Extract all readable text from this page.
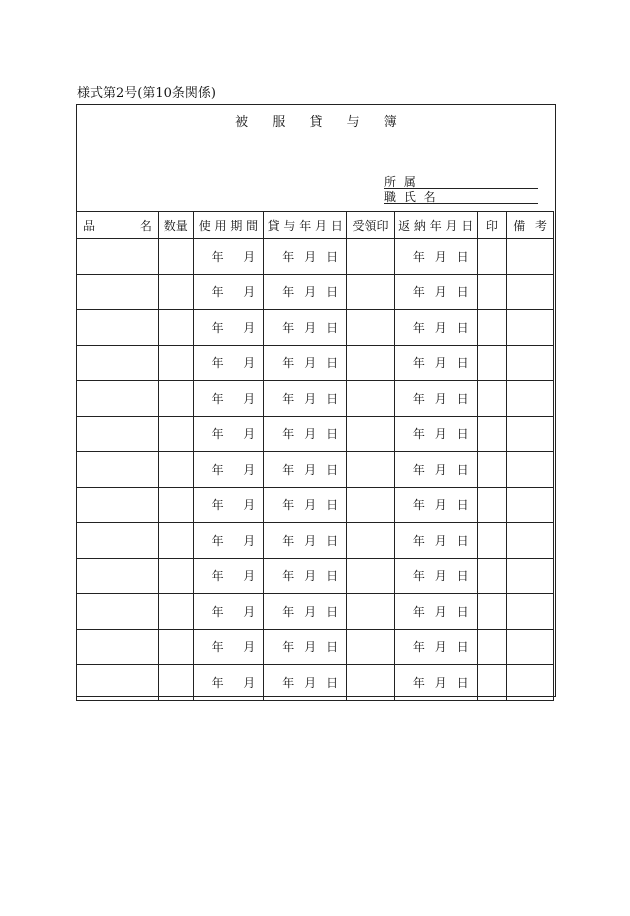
様式第2号(第10条関係)
被 服 貸 与 簿
所 属
職 氏 名
品 名	数量	使 用 期 間	貸 与 年 月 日	受領印	返 納 年 月 日	印	備 考

		年 月	年 月 日		年 月 日		

		年 月	年 月 日		年 月 日		

		年 月	年 月 日		年 月 日		

		年 月	年 月 日		年 月 日		

		年 月	年 月 日		年 月 日		

		年 月	年 月 日		年 月 日		

		年 月	年 月 日		年 月 日		

		年 月	年 月 日		年 月 日		

		年 月	年 月 日		年 月 日		

		年 月	年 月 日		年 月 日		

		年 月	年 月 日		年 月 日		

		年 月	年 月 日		年 月 日		

		年 月	年 月 日		年 月 日		
